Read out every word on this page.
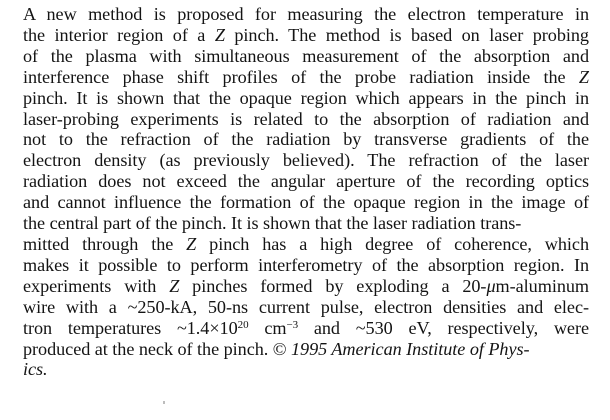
A new method is proposed for measuring the electron temperature in
the interior region of a Z pinch. The method is based on laser probing
of the plasma with simultaneous measurement of the absorption and
interference phase shift profiles of the probe radiation inside the Z
pinch. It is shown that the opaque region which appears in the pinch in
laser-probing experiments is related to the absorption of radiation and
not to the refraction of the radiation by transverse gradients of the
electron density (as previously believed). The refraction of the laser
radiation does not exceed the angular aperture of the recording optics
and cannot influence the formation of the opaque region in the image of
the central part of the pinch. It is shown that the laser radiation trans-
mitted through the Z pinch has a high degree of coherence, which
makes it possible to perform interferometry of the absorption region. In
experiments with Z pinches formed by exploding a 20-μm-aluminum
wire with a ~250-kA, 50-ns current pulse, electron densities and elec-
tron temperatures $\sim 1.4\times 10^{20}$ $cm^{-3}$ and ~530 eV, respectively, were
produced at the neck of the pinch. © 1995 American Institute of Phys-
ics.
